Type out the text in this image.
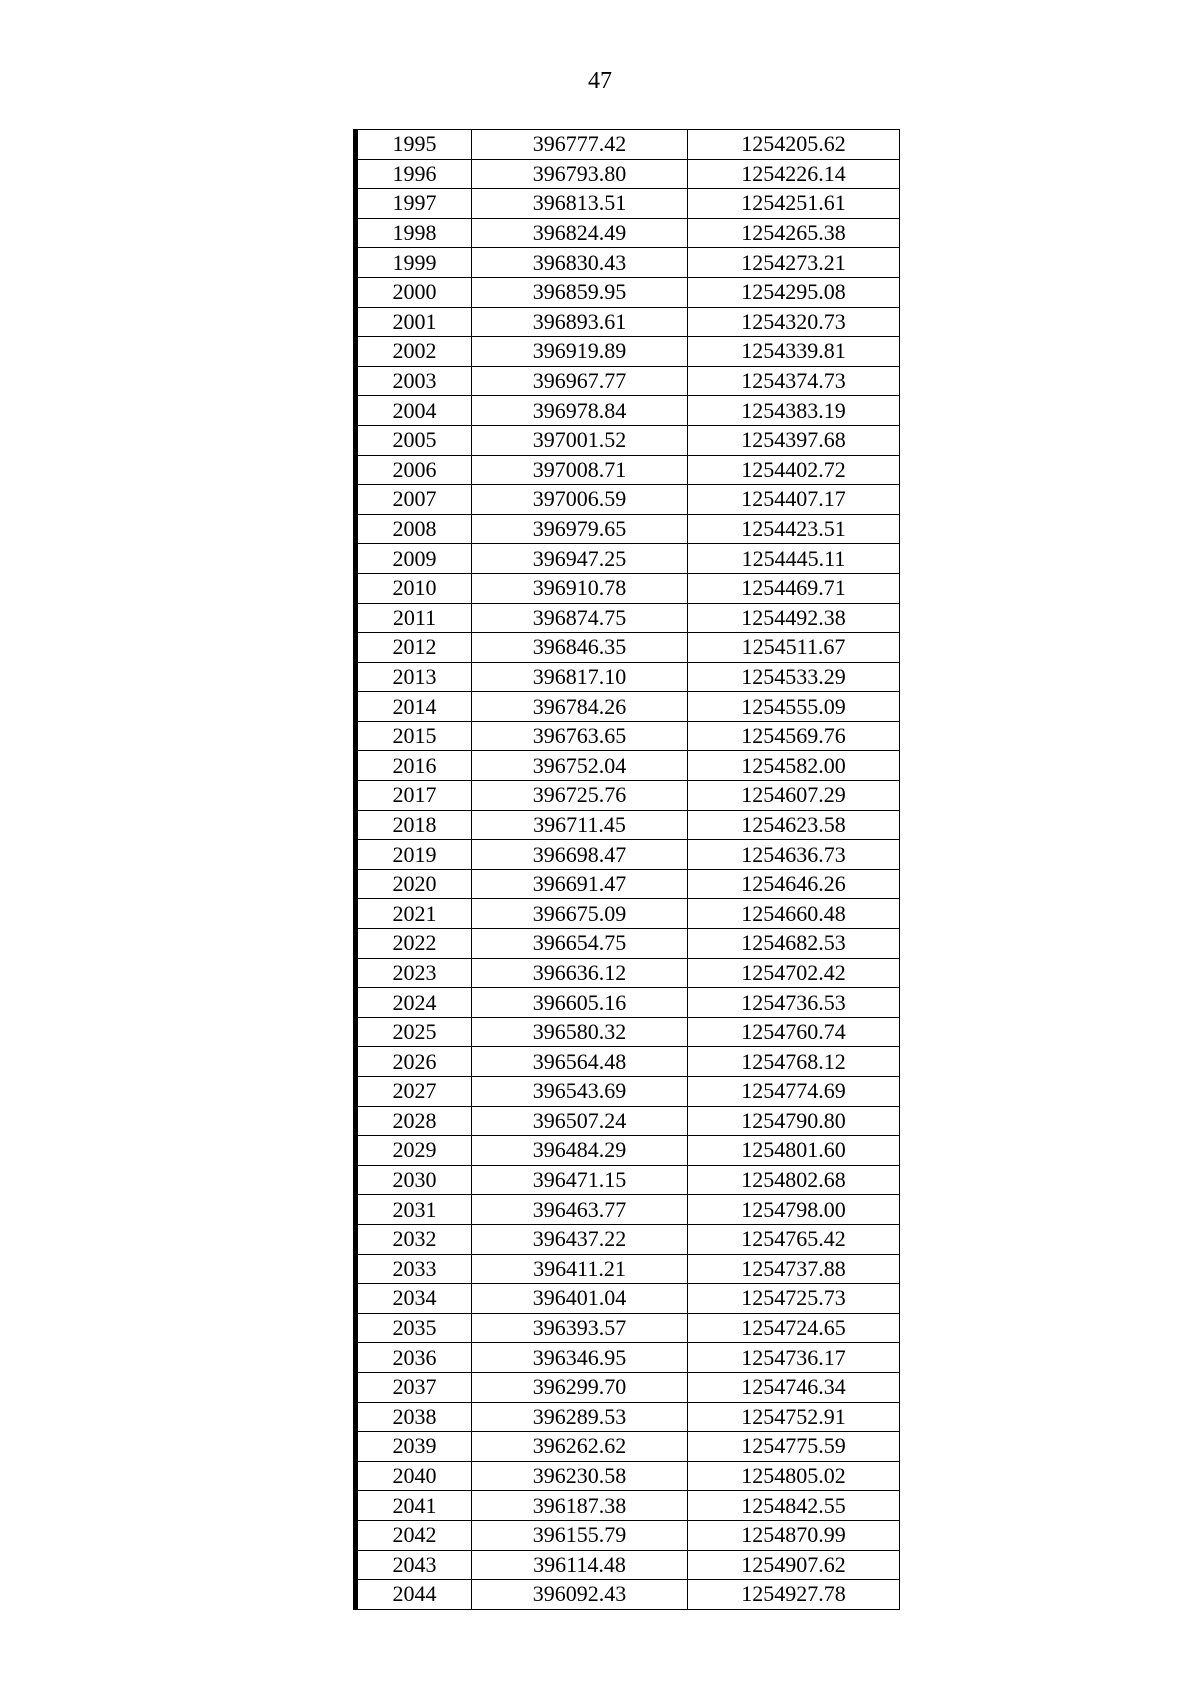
47
1995	396777.42	1254205.62
1996	396793.80	1254226.14
1997	396813.51	1254251.61
1998	396824.49	1254265.38
1999	396830.43	1254273.21
2000	396859.95	1254295.08
2001	396893.61	1254320.73
2002	396919.89	1254339.81
2003	396967.77	1254374.73
2004	396978.84	1254383.19
2005	397001.52	1254397.68
2006	397008.71	1254402.72
2007	397006.59	1254407.17
2008	396979.65	1254423.51
2009	396947.25	1254445.11
2010	396910.78	1254469.71
2011	396874.75	1254492.38
2012	396846.35	1254511.67
2013	396817.10	1254533.29
2014	396784.26	1254555.09
2015	396763.65	1254569.76
2016	396752.04	1254582.00
2017	396725.76	1254607.29
2018	396711.45	1254623.58
2019	396698.47	1254636.73
2020	396691.47	1254646.26
2021	396675.09	1254660.48
2022	396654.75	1254682.53
2023	396636.12	1254702.42
2024	396605.16	1254736.53
2025	396580.32	1254760.74
2026	396564.48	1254768.12
2027	396543.69	1254774.69
2028	396507.24	1254790.80
2029	396484.29	1254801.60
2030	396471.15	1254802.68
2031	396463.77	1254798.00
2032	396437.22	1254765.42
2033	396411.21	1254737.88
2034	396401.04	1254725.73
2035	396393.57	1254724.65
2036	396346.95	1254736.17
2037	396299.70	1254746.34
2038	396289.53	1254752.91
2039	396262.62	1254775.59
2040	396230.58	1254805.02
2041	396187.38	1254842.55
2042	396155.79	1254870.99
2043	396114.48	1254907.62
2044	396092.43	1254927.78
